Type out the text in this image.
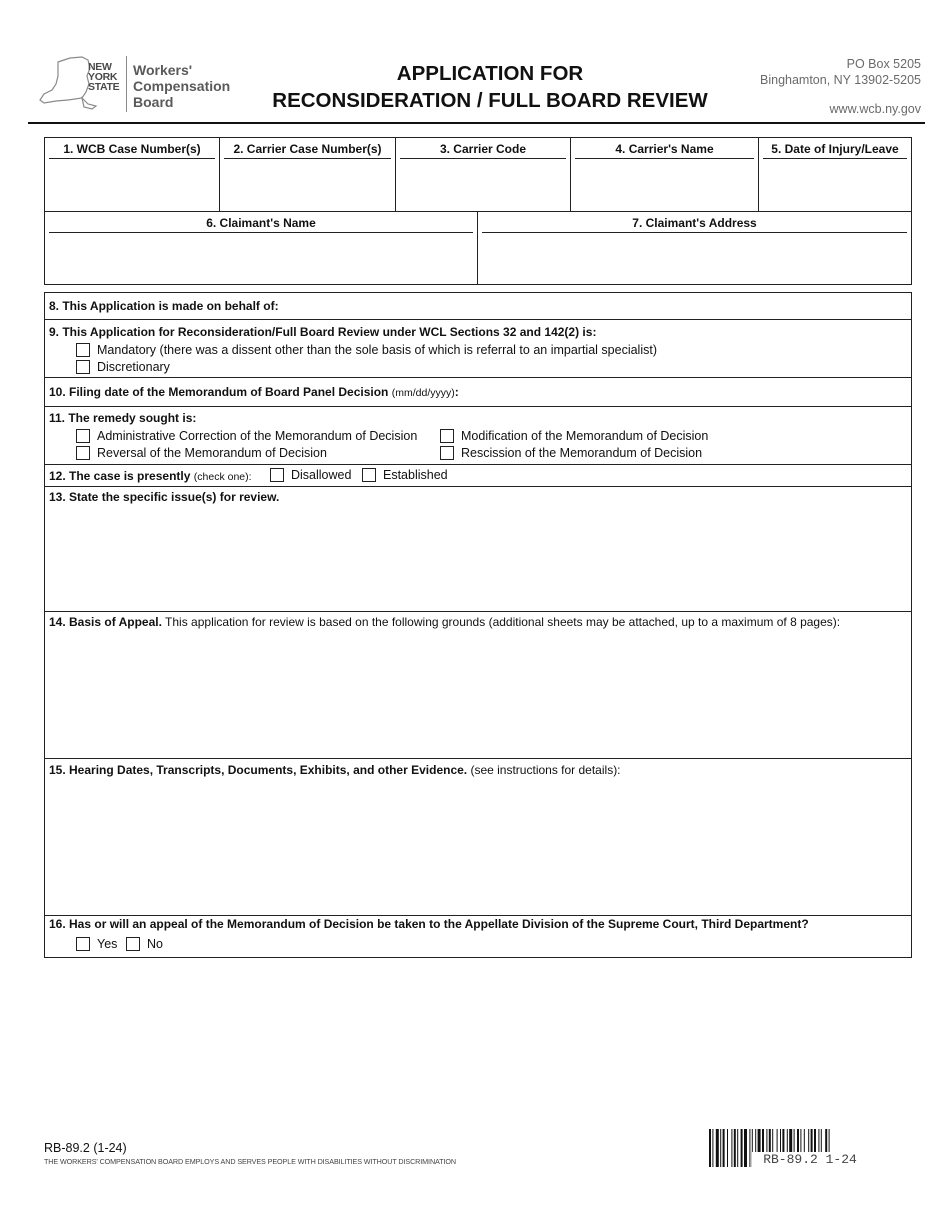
NEW
YORK
STATE
Workers'
Compensation
Board
APPLICATION FOR
RECONSIDERATION / FULL BOARD REVIEW
PO Box 5205
Binghamton, NY 13902-5205
www.wcb.ny.gov
1. WCB Case Number(s)	2. Carrier Case Number(s)	3. Carrier Code	4. Carrier's Name	5. Date of Injury/Leave
6. Claimant's Name	7. Claimant's Address
8. This Application is made on behalf of:
9. This Application for Reconsideration/Full Board Review under WCL Sections 32 and 142(2) is:
Mandatory (there was a dissent other than the sole basis of which is referral to an impartial specialist)
Discretionary
10. Filing date of the Memorandum of Board Panel Decision (mm/dd/yyyy):
11. The remedy sought is:
Administrative Correction of the Memorandum of Decision
Reversal of the Memorandum of Decision
Modification of the Memorandum of Decision
Rescission of the Memorandum of Decision
12. The case is presently (check one):	Disallowed	Established
13. State the specific issue(s) for review.
14. Basis of Appeal. This application for review is based on the following grounds (additional sheets may be attached, up to a maximum of 8 pages):
15. Hearing Dates, Transcripts, Documents, Exhibits, and other Evidence. (see instructions for details):
16. Has or will an appeal of the Memorandum of Decision be taken to the Appellate Division of the Supreme Court, Third Department?
Yes No
RB-89.2 (1-24)
THE WORKERS' COMPENSATION BOARD EMPLOYS AND SERVES PEOPLE WITH DISABILITIES WITHOUT DISCRIMINATION	RB-89.2 1-24
